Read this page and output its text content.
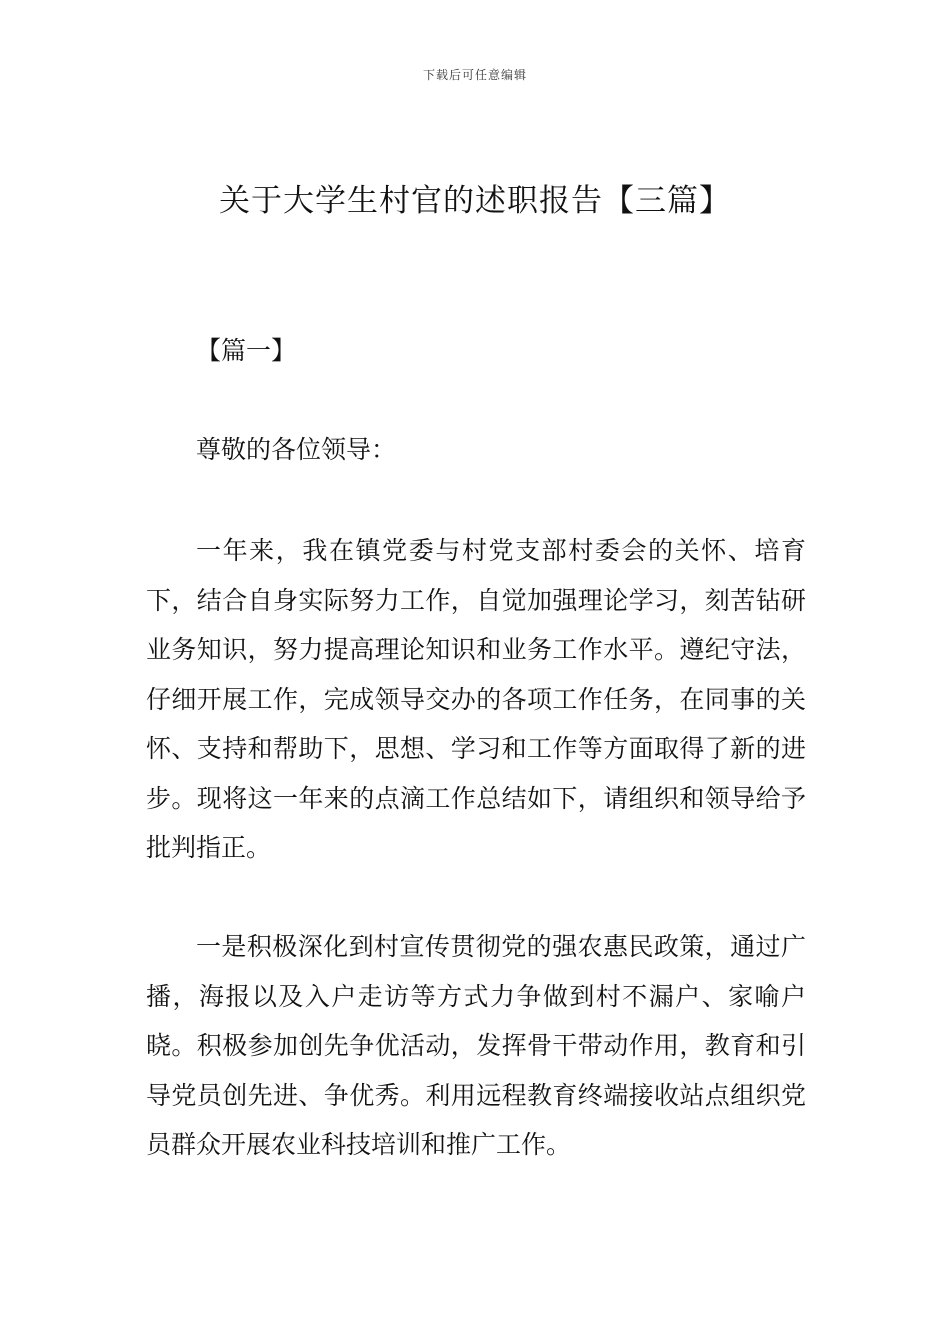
下载后可任意编辑
关于大学生村官的述职报告【三篇】

【篇一】

尊敬的各位领导：

一年来，我在镇党委与村党支部村委会的关怀、培育下，结合自身实际努力工作，自觉加强理论学习，刻苦钻研业务知识，努力提高理论知识和业务工作水平。遵纪守法，仔细开展工作，完成领导交办的各项工作任务，在同事的关怀、支持和帮助下，思想、学习和工作等方面取得了新的进步。现将这一年来的点滴工作总结如下，请组织和领导给予批判指正。

一是积极深化到村宣传贯彻党的强农惠民政策，通过广播，海报以及入户走访等方式力争做到村不漏户、家喻户晓。积极参加创先争优活动，发挥骨干带动作用，教育和引导党员创先进、争优秀。利用远程教育终端接收站点组织党员群众开展农业科技培训和推广工作。
